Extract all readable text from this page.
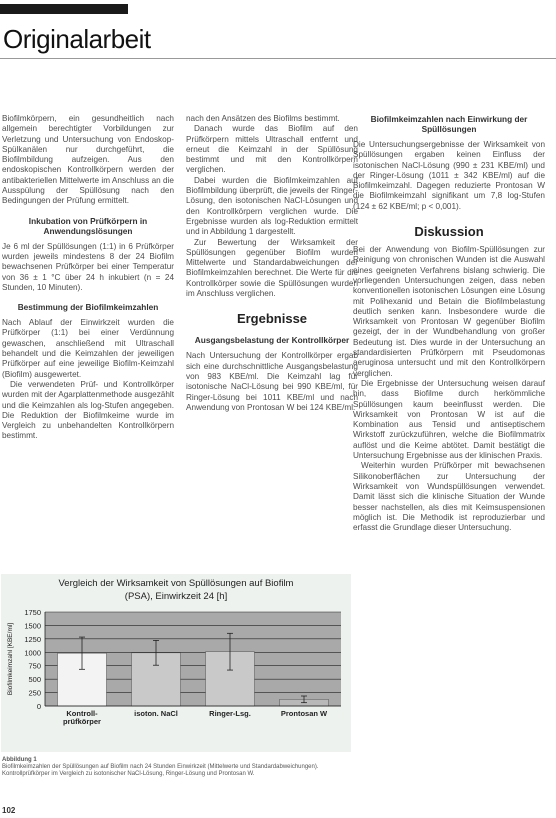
Originalarbeit

Biofilmkörpern, ein gesundheitlich nach allgemein berechtigter Vorbildungen zur Verletzung und Untersuchung von Endoskop-Spülkanälen nur durchgeführt, die Biofilmbildung aufzeigen. Aus den endoskopischen Kontrollkörpern werden der antibakteriellen Mittelwerte im Anschluss an die Ausspülung der Spüllösung nach den Bedingungen der Prüfung ermittelt.

Inkubation von Prüfkörpern in Anwendungslösungen

Je 6 ml der Spüllösungen (1:1) in 6 Prüfkörper wurden jeweils mindestens 8 der 24 Biofilm bewachsenen Prüfkörper bei einer Temperatur von 36 ± 1 °C über 24 h inkubiert (n = 24 Stunden, 10 Minuten).

Bestimmung der Biofilmkeimzahlen

Nach Ablauf der Einwirkzeit wurden die Prüfkörper (1:1) bei einer Verdünnung gewaschen, anschließend mit Ultraschall behandelt und die Keimzahlen der jeweiligen Prüfkörper auf eine jeweilige Biofilm-Keimzahl (Biofilm) ausgewertet.

Die verwendeten Prüf- und Kontrollkörper wurden mit der Agarplattenmethode ausgezählt und die Keimzahlen als log-Stufen angegeben. Die Reduktion der Biofilmkeime wurde im Vergleich zu unbehandelten Kontrollkörpern bestimmt.

nach den Ansätzen des Biofilms bestimmt.

Danach wurde das Biofilm auf den Prüfkörpern mittels Ultraschall entfernt und erneut die Keimzahl in der Spüllösung bestimmt und mit den Kontrollkörpern verglichen.

Dabei wurden die Biofilmkeimzahlen auf Biofilmbildung überprüft, die jeweils der Ringer-Lösung, den isotonischen NaCl-Lösungen und den Kontrollkörpern verglichen wurde. Die Ergebnisse wurden als log-Reduktion ermittelt und in Abbildung 1 dargestellt.

Zur Bewertung der Wirksamkeit der Spüllösungen gegenüber Biofilm wurden Mittelwerte und Standardabweichungen der Biofilmkeimzahlen berechnet. Die Werte für die Kontrollkörper sowie die Spüllösungen wurden im Anschluss verglichen.

Ergebnisse
Ausgangsbelastung der Kontrollkörper

Nach Untersuchung der Kontrollkörper ergab sich eine durchschnittliche Ausgangsbelastung von 983 KBE/ml. Die Keimzahl lag für isotonische NaCl-Lösung bei 990 KBE/ml, für Ringer-Lösung bei 1011 KBE/ml und nach Anwendung von Prontosan W bei 124 KBE/ml.

Biofilmkeimzahlen nach Einwirkung der Spüllösungen

Die Untersuchungsergebnisse der Wirksamkeit von Spüllösungen ergaben keinen Einfluss der isotonischen NaCl-Lösung (990 ± 231 KBE/ml) und der Ringer-Lösung (1011 ± 342 KBE/ml) auf die Biofilmkeimzahl. Dagegen reduzierte Prontosan W die Biofilmkeimzahl signifikant um 7,8 log-Stufen (124 ± 62 KBE/ml; p < 0,001).

Diskussion

Bei der Anwendung von Biofilm-Spüllösungen zur Reinigung von chronischen Wunden ist die Auswahl eines geeigneten Verfahrens bislang schwierig. Die vorliegenden Untersuchungen zeigen, dass neben konventionellen isotonischen Lösungen eine Lösung mit Polihexanid und Betain die Biofilmbelastung deutlich senken kann. Insbesondere wurde die Wirksamkeit von Prontosan W gegenüber Biofilm gezeigt, der in der Wundbehandlung von großer Bedeutung ist. Dies wurde in der Untersuchung an standardisierten Prüfkörpern mit Pseudomonas aeruginosa untersucht und mit den Kontrollkörpern verglichen.

Die Ergebnisse der Untersuchung weisen darauf hin, dass Biofilme durch herkömmliche Spüllösungen kaum beeinflusst werden. Die Wirksamkeit von Prontosan W ist auf die Kombination aus Tensid und antiseptischem Wirkstoff zurückzuführen, welche die Biofilmmatrix auflöst und die Keime abtötet. Damit bestätigt die Untersuchung Ergebnisse aus der klinischen Praxis.

Weiterhin wurden Prüfkörper mit bewachsenen Silikonoberflächen zur Untersuchung der Wirksamkeit von Wundspüllösungen verwendet. Damit lässt sich die klinische Situation der Wunde besser nachstellen, als dies mit Keimsuspensionen möglich ist. Die Methodik ist reproduzierbar und erfasst die Grundlage dieser Untersuchung.

Vergleich der Wirksamkeit von Spüllösungen auf Biofilm
(PSA), Einwirkzeit 24 [h]
0
250
500
750
1000
1250
1500
1750
Biofilmkeimzahl [KBE/ml]
Kontroll-
prüfkörper
isoton. NaCl	Ringer-Lsg.	Prontosan W
Abbildung 1
Biofilmkeimzahlen der Spüllösungen auf Biofilm nach 24 Stunden Einwirkzeit (Mittelwerte und Standardabweichungen).
Kontrollprüfkörper im Vergleich zu isotonischer NaCl-Lösung, Ringer-Lösung und Prontosan W.
102
